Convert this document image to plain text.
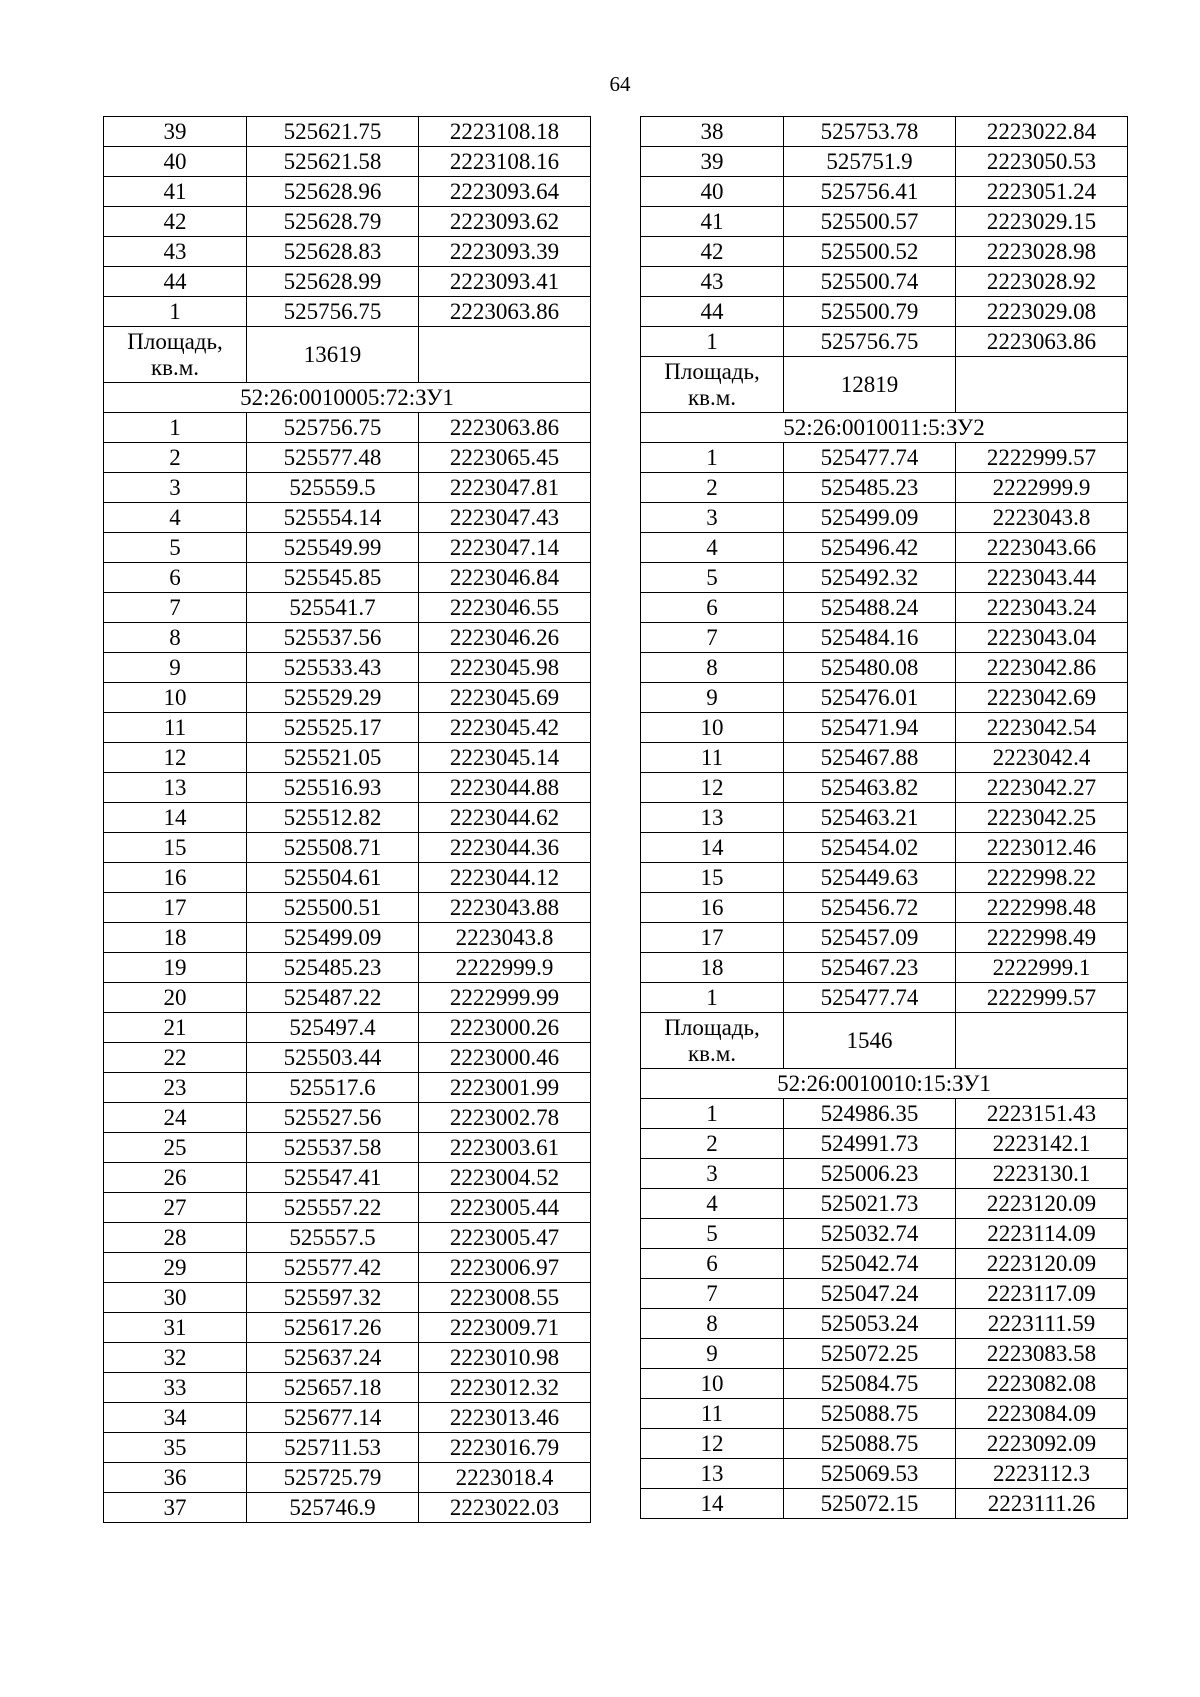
64
39	525621.75	2223108.18
40	525621.58	2223108.16
41	525628.96	2223093.64
42	525628.79	2223093.62
43	525628.83	2223093.39
44	525628.99	2223093.41
1	525756.75	2223063.86
Площадь, кв.м.	13619	
52:26:0010005:72:ЗУ1		
1	525756.75	2223063.86
2	525577.48	2223065.45
3	525559.5	2223047.81
4	525554.14	2223047.43
5	525549.99	2223047.14
6	525545.85	2223046.84
7	525541.7	2223046.55
8	525537.56	2223046.26
9	525533.43	2223045.98
10	525529.29	2223045.69
11	525525.17	2223045.42
12	525521.05	2223045.14
13	525516.93	2223044.88
14	525512.82	2223044.62
15	525508.71	2223044.36
16	525504.61	2223044.12
17	525500.51	2223043.88
18	525499.09	2223043.8
19	525485.23	2222999.9
20	525487.22	2222999.99
21	525497.4	2223000.26
22	525503.44	2223000.46
23	525517.6	2223001.99
24	525527.56	2223002.78
25	525537.58	2223003.61
26	525547.41	2223004.52
27	525557.22	2223005.44
28	525557.5	2223005.47
29	525577.42	2223006.97
30	525597.32	2223008.55
31	525617.26	2223009.71
32	525637.24	2223010.98
33	525657.18	2223012.32
34	525677.14	2223013.46
35	525711.53	2223016.79
36	525725.79	2223018.4
37	525746.9	2223022.03
38	525753.78	2223022.84
39	525751.9	2223050.53
40	525756.41	2223051.24
41	525500.57	2223029.15
42	525500.52	2223028.98
43	525500.74	2223028.92
44	525500.79	2223029.08
1	525756.75	2223063.86
Площадь, кв.м.	12819	
52:26:0010011:5:ЗУ2		
1	525477.74	2222999.57
2	525485.23	2222999.9
3	525499.09	2223043.8
4	525496.42	2223043.66
5	525492.32	2223043.44
6	525488.24	2223043.24
7	525484.16	2223043.04
8	525480.08	2223042.86
9	525476.01	2223042.69
10	525471.94	2223042.54
11	525467.88	2223042.4
12	525463.82	2223042.27
13	525463.21	2223042.25
14	525454.02	2223012.46
15	525449.63	2222998.22
16	525456.72	2222998.48
17	525457.09	2222998.49
18	525467.23	2222999.1
1	525477.74	2222999.57
Площадь, кв.м.	1546	
52:26:0010010:15:ЗУ1		
1	524986.35	2223151.43
2	524991.73	2223142.1
3	525006.23	2223130.1
4	525021.73	2223120.09
5	525032.74	2223114.09
6	525042.74	2223120.09
7	525047.24	2223117.09
8	525053.24	2223111.59
9	525072.25	2223083.58
10	525084.75	2223082.08
11	525088.75	2223084.09
12	525088.75	2223092.09
13	525069.53	2223112.3
14	525072.15	2223111.26
